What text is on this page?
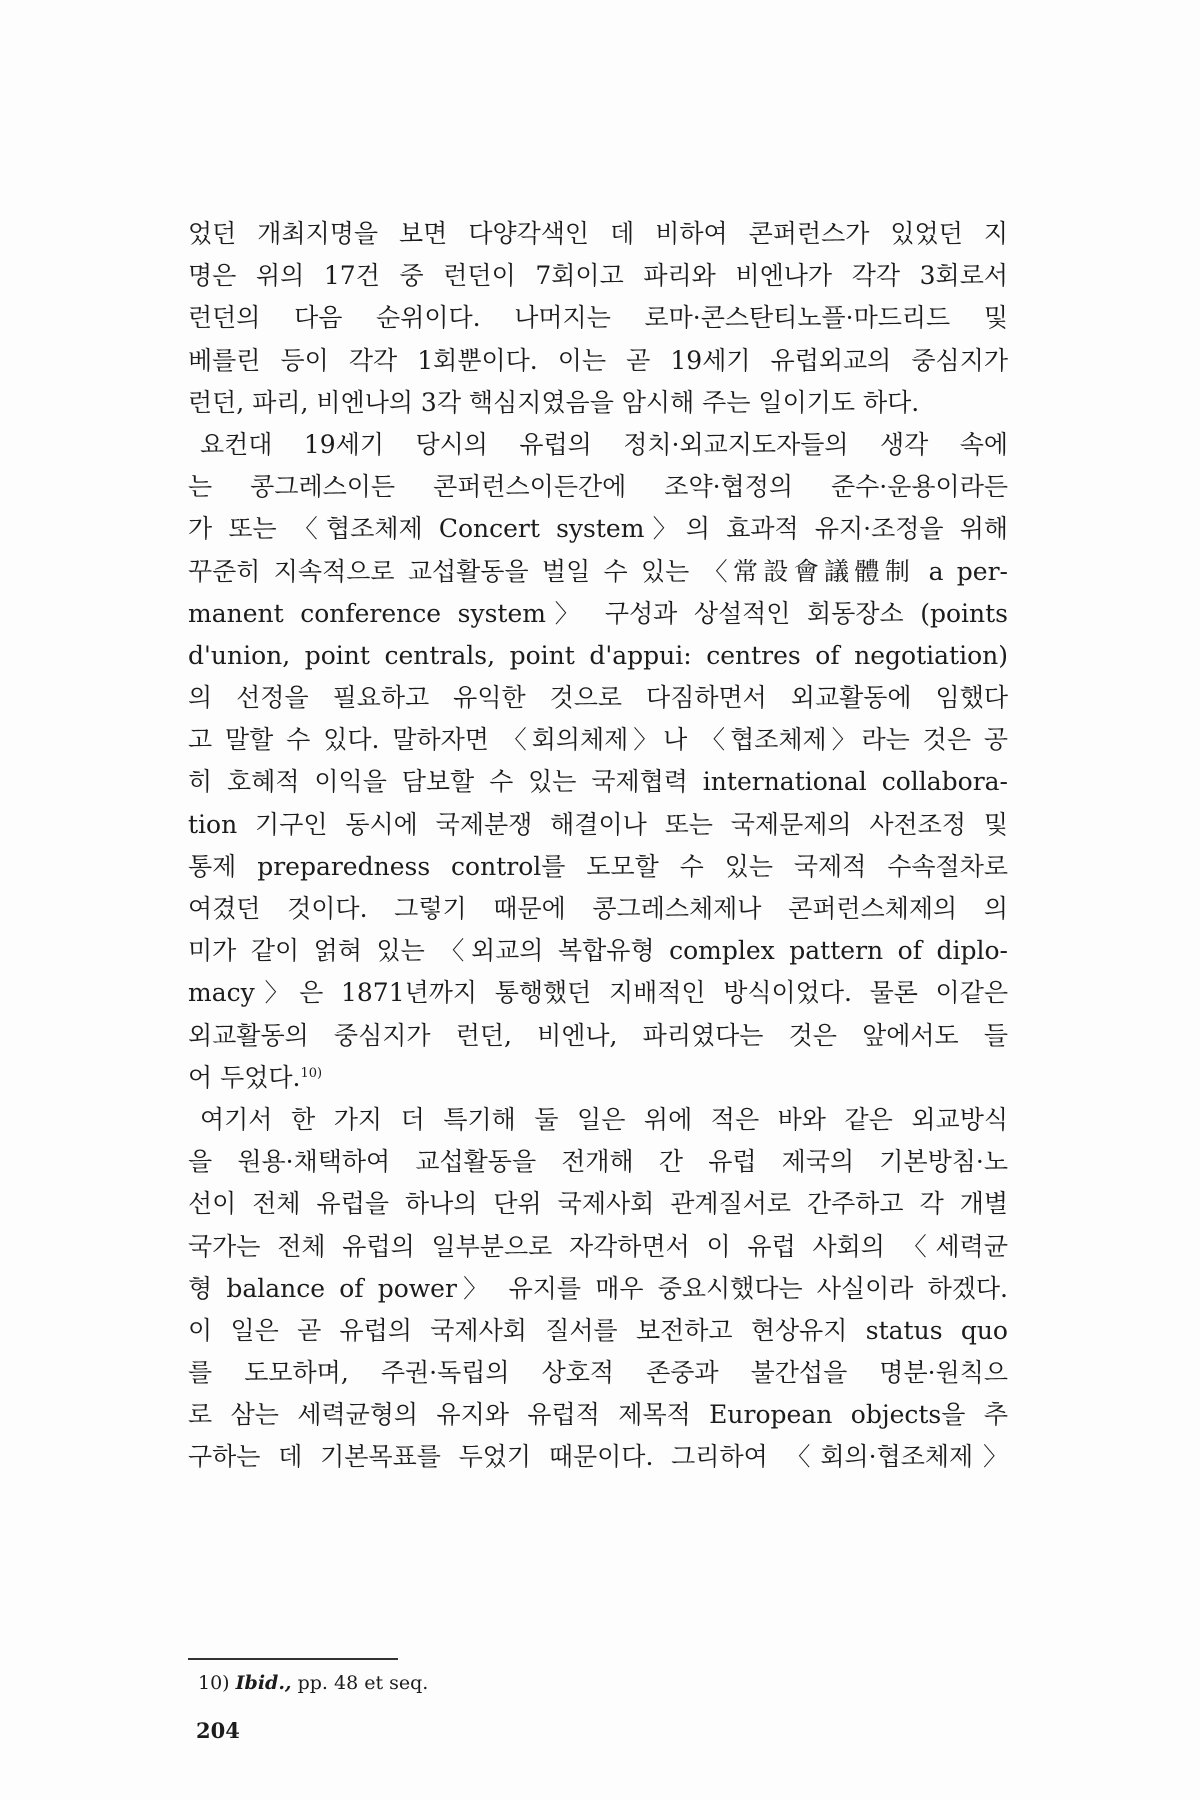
었던 개최지명을 보면 다양각색인 데 비하여 콘퍼런스가 있었던 지
명은 위의 17건 중 런던이 7회이고 파리와 비엔나가 각각 3회로서
런던의 다음 순위이다. 나머지는 로마·콘스탄티노플·마드리드 및
베를린 등이 각각 1회뿐이다. 이는 곧 19세기 유럽외교의 중심지가
런던, 파리, 비엔나의 3각 핵심지였음을 암시해 주는 일이기도 하다.
요컨대 19세기 당시의 유럽의 정치·외교지도자들의 생각 속에
는 콩그레스이든 콘퍼런스이든간에 조약·협정의 준수·운용이라든
가 또는 〈협조체제 Concert system〉의 효과적 유지·조정을 위해
꾸준히 지속적으로 교섭활동을 벌일 수 있는 〈常設會議體制 a per-
manent conference system〉 구성과 상설적인 회동장소 (points
d'union, point centrals, point d'appui: centres of negotiation)
의 선정을 필요하고 유익한 것으로 다짐하면서 외교활동에 임했다
고 말할 수 있다. 말하자면 〈회의체제〉나 〈협조체제〉라는 것은 공
히 호혜적 이익을 담보할 수 있는 국제협력 international collabora-
tion 기구인 동시에 국제분쟁 해결이나 또는 국제문제의 사전조정 및
통제 preparedness control를 도모할 수 있는 국제적 수속절차로
여겼던 것이다. 그렇기 때문에 콩그레스체제나 콘퍼런스체제의 의
미가 같이 얽혀 있는 〈외교의 복합유형 complex pattern of diplo-
macy〉은 1871년까지 통행했던 지배적인 방식이었다. 물론 이같은
외교활동의 중심지가 런던, 비엔나, 파리였다는 것은 앞에서도 들
어 두었다.$^{10)}$
여기서 한 가지 더 특기해 둘 일은 위에 적은 바와 같은 외교방식
을 원용·채택하여 교섭활동을 전개해 간 유럽 제국의 기본방침·노
선이 전체 유럽을 하나의 단위 국제사회 관계질서로 간주하고 각 개별
국가는 전체 유럽의 일부분으로 자각하면서 이 유럽 사회의 〈세력균
형 balance of power〉 유지를 매우 중요시했다는 사실이라 하겠다.
이 일은 곧 유럽의 국제사회 질서를 보전하고 현상유지 status quo
를 도모하며, 주권·독립의 상호적 존중과 불간섭을 명분·원칙으
로 삼는 세력균형의 유지와 유럽적 제목적 European objects을 추
구하는 데 기본목표를 두었기 때문이다. 그리하여 〈회의·협조체제〉
10) Ibid., pp. 48 et seq.
204
